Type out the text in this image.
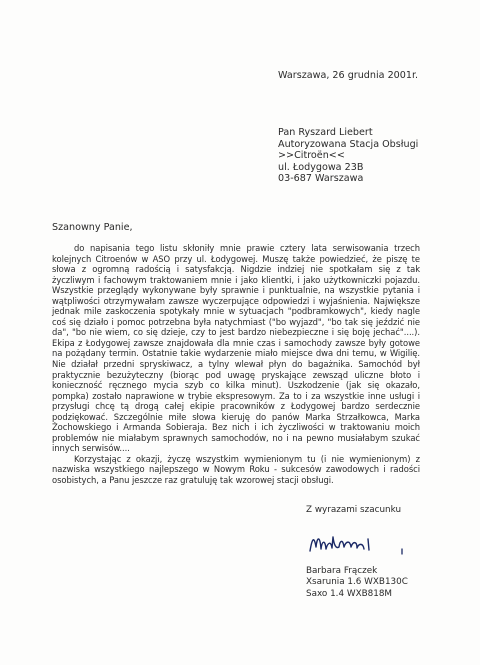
Warszawa, 26 grudnia 2001r.
Pan Ryszard Liebert
Autoryzowana Stacja Obsługi
>>Citroën<<
ul. Łodygowa 23B
03-687 Warszawa
Szanowny Panie,

do napisania tego listu skłoniły mnie prawie cztery lata serwisowania trzech kolejnych Citroenów w ASO przy ul. Łodygowej. Muszę także powiedzieć, że piszę te słowa z ogromną radością i satysfakcją. Nigdzie indziej nie spotkałam się z tak życzliwym i fachowym traktowaniem mnie i jako klientki, i jako użytkowniczki pojazdu. Wszystkie przeglądy wykonywane były sprawnie i punktualnie, na wszystkie pytania i wątpliwości otrzymywałam zawsze wyczerpujące odpowiedzi i wyjaśnienia. Największe jednak mile zaskoczenia spotykały mnie w sytuacjach "podbramkowych", kiedy nagle coś się działo i pomoc potrzebna była natychmiast ("bo wyjazd", "bo tak się jeździć nie da", "bo nie wiem, co się dzieje, czy to jest bardzo niebezpieczne i się boję jechać"....). Ekipa z Łodygowej zawsze znajdowała dla mnie czas i samochody zawsze były gotowe na pożądany termin. Ostatnie takie wydarzenie miało miejsce dwa dni temu, w Wigilię. Nie działał przedni spryskiwacz, a tylny wlewał płyn do bagażnika. Samochód był praktycznie bezużyteczny (biorąc pod uwagę pryskające zewsząd uliczne błoto i konieczność ręcznego mycia szyb co kilka minut). Uszkodzenie (jak się okazało, pompka) zostało naprawione w trybie ekspresowym. Za to i za wszystkie inne usługi i przysługi chcę tą drogą całej ekipie pracowników z Łodygowej bardzo serdecznie podziękować. Szczególnie miłe słowa kieruję do panów Marka Strzałkowca, Marka Żochowskiego i Armanda Sobieraja. Bez nich i ich życzliwości w traktowaniu moich problemów nie miałabym sprawnych samochodów, no i na pewno musiałabym szukać innych serwisów....

Korzystając z okazji, życzę wszystkim wymienionym tu (i nie wymienionym) z nazwiska wszystkiego najlepszego w Nowym Roku - sukcesów zawodowych i radości osobistych, a Panu jeszcze raz gratuluję tak wzorowej stacji obsługi.

Z wyrazami szacunku
Barbara Frączek
Xsarunia 1.6 WXB130C
Saxo 1.4 WXB818M
